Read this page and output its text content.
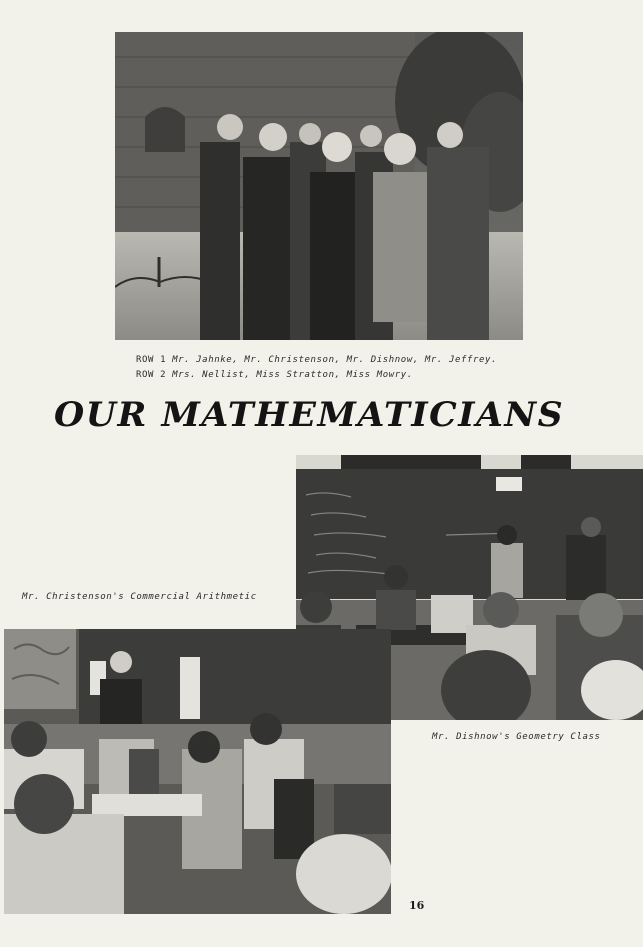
ROW 1 Mr. Jahnke, Mr. Christenson, Mr. Dishnow, Mr. Jeffrey.
ROW 2 Mrs. Nellist, Miss Stratton, Miss Mowry.
OUR MATHEMATICIANS
Mr. Christenson's Commercial Arithmetic
Mr. Dishnow's Geometry Class
16
